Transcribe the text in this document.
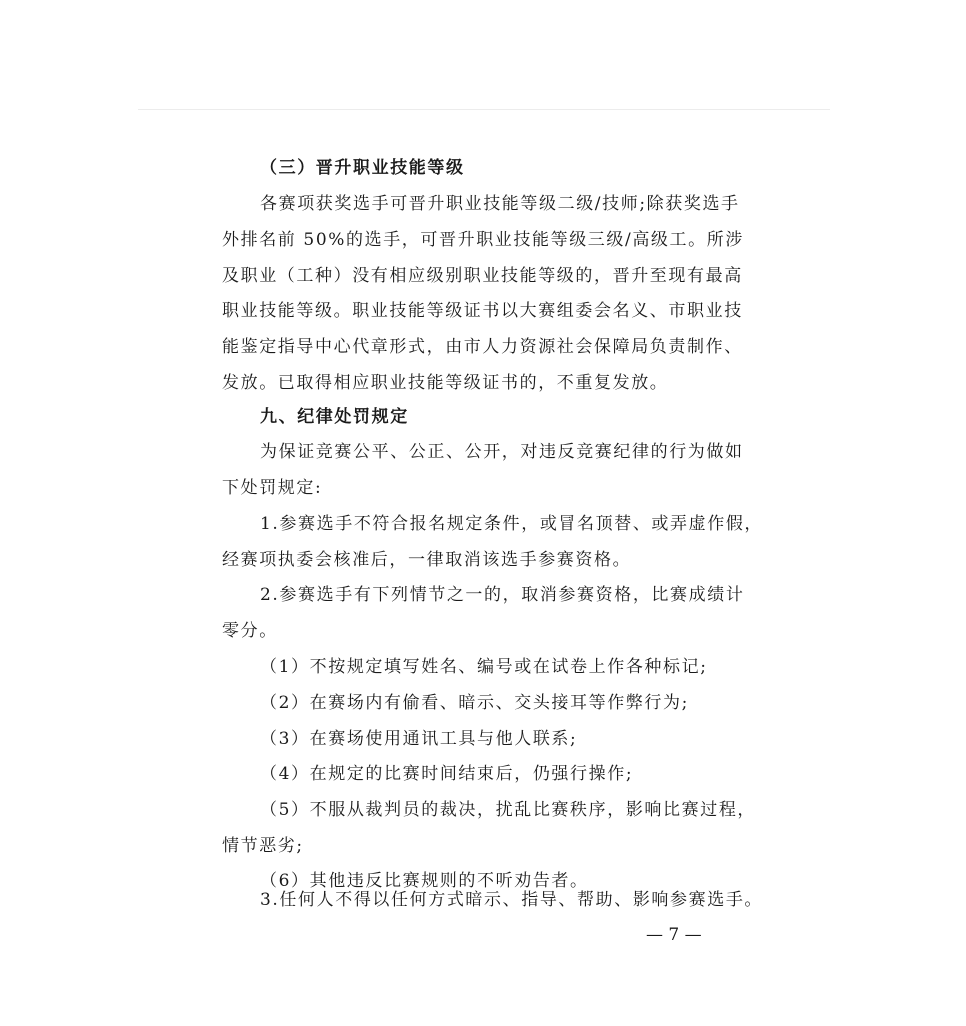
（三）晋升职业技能等级
各赛项获奖选手可晋升职业技能等级二级/技师;除获奖选手
外排名前 50%的选手，可晋升职业技能等级三级/高级工。所涉
及职业（工种）没有相应级别职业技能等级的，晋升至现有最高
职业技能等级。职业技能等级证书以大赛组委会名义、市职业技
能鉴定指导中心代章形式，由市人力资源社会保障局负责制作、
发放。已取得相应职业技能等级证书的，不重复发放。
九、纪律处罚规定
为保证竞赛公平、公正、公开，对违反竞赛纪律的行为做如
下处罚规定:
1.参赛选手不符合报名规定条件，或冒名顶替、或弄虚作假，
经赛项执委会核准后，一律取消该选手参赛资格。
2.参赛选手有下列情节之一的，取消参赛资格，比赛成绩计
零分。
（1）不按规定填写姓名、编号或在试卷上作各种标记;
（2）在赛场内有偷看、暗示、交头接耳等作弊行为;
（3）在赛场使用通讯工具与他人联系;
（4）在规定的比赛时间结束后，仍强行操作;
（5）不服从裁判员的裁决，扰乱比赛秩序，影响比赛过程，
情节恶劣;
（6）其他违反比赛规则的不听劝告者。
3.任何人不得以任何方式暗示、指导、帮助、影响参赛选手。
— 7 —
